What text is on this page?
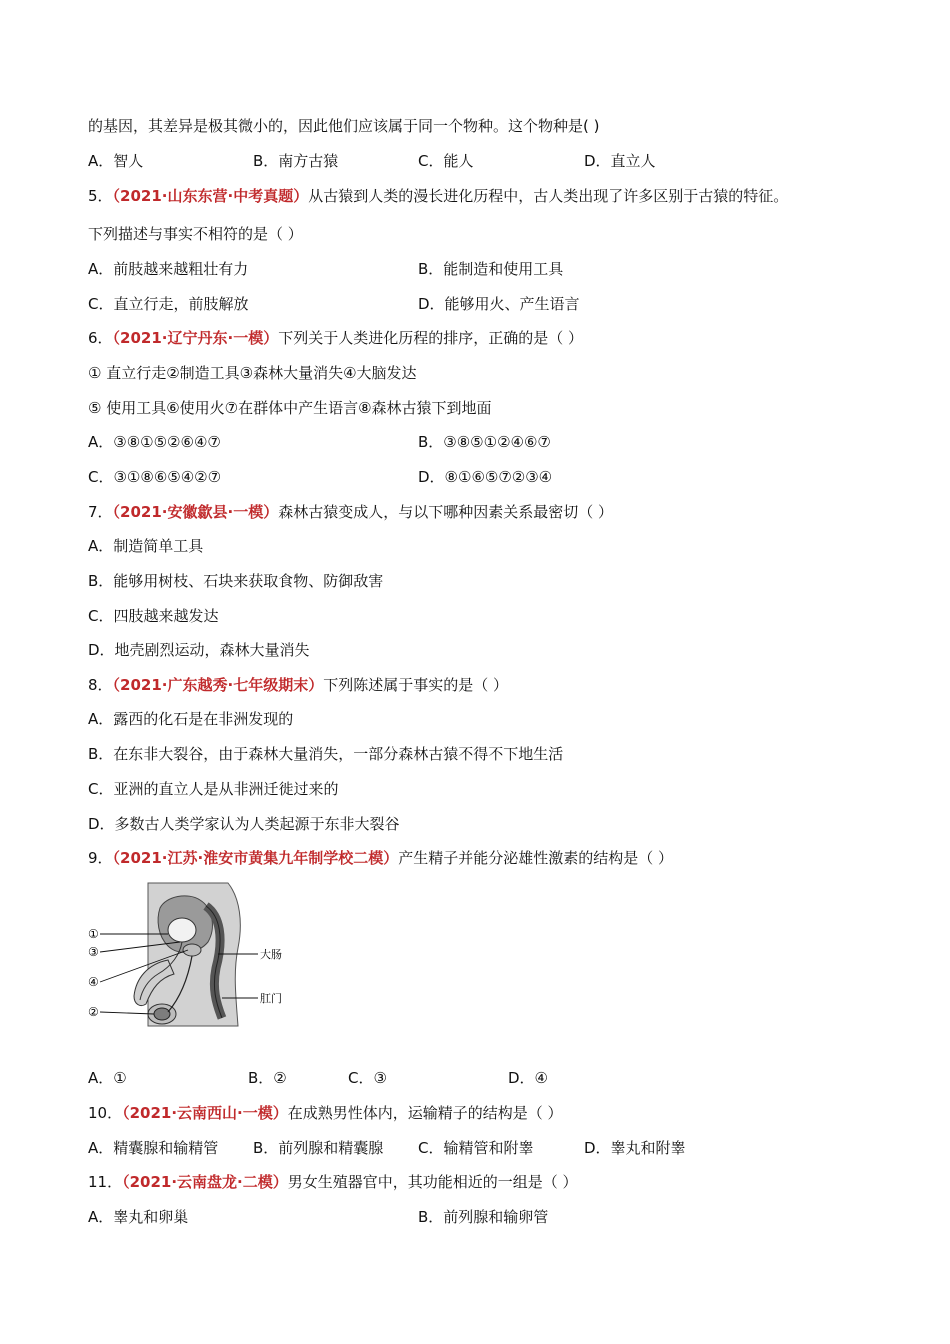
的基因，其差异是极其微小的，因此他们应该属于同一个物种。这个物种是( )
A．智人	B．南方古猿	C．能人	D．直立人
5．（2021·山东东营·中考真题）从古猿到人类的漫长进化历程中，古人类出现了许多区别于古猿的特征。
下列描述与事实不相符的是（ ）
A．前肢越来越粗壮有力	B．能制造和使用工具
C．直立行走，前肢解放	D．能够用火、产生语言
6．（2021·辽宁丹东·一模）下列关于人类进化历程的排序，正确的是（ ）
① 直立行走②制造工具③森林大量消失④大脑发达
⑤ 使用工具⑥使用火⑦在群体中产生语言⑧森林古猿下到地面
A．③⑧①⑤②⑥④⑦	B．③⑧⑤①②④⑥⑦
C．③①⑧⑥⑤④②⑦	D．⑧①⑥⑤⑦②③④
7．（2021·安徽歙县·一模）森林古猿变成人，与以下哪种因素关系最密切（ ）
A．制造简单工具
B．能够用树枝、石块来获取食物、防御敌害
C．四肢越来越发达
D．地壳剧烈运动，森林大量消失
8．（2021·广东越秀·七年级期末）下列陈述属于事实的是（ ）
A．露西的化石是在非洲发现的
B．在东非大裂谷，由于森林大量消失，一部分森林古猿不得不下地生活
C．亚洲的直立人是从非洲迁徙过来的
D．多数古人类学家认为人类起源于东非大裂谷
9．（2021·江苏·淮安市黄集九年制学校二模）产生精子并能分泌雄性激素的结构是（ ）
①
③
④
②
大肠
肛门
A．①	B．②	C．③	D．④
10．（2021·云南西山·一模）在成熟男性体内，运输精子的结构是（ ）
A．精囊腺和输精管 B．前列腺和精囊腺 C．输精管和附睾	D．睾丸和附睾
11．（2021·云南盘龙·二模）男女生殖器官中，其功能相近的一组是（ ）
A．睾丸和卵巢	B．前列腺和输卵管
